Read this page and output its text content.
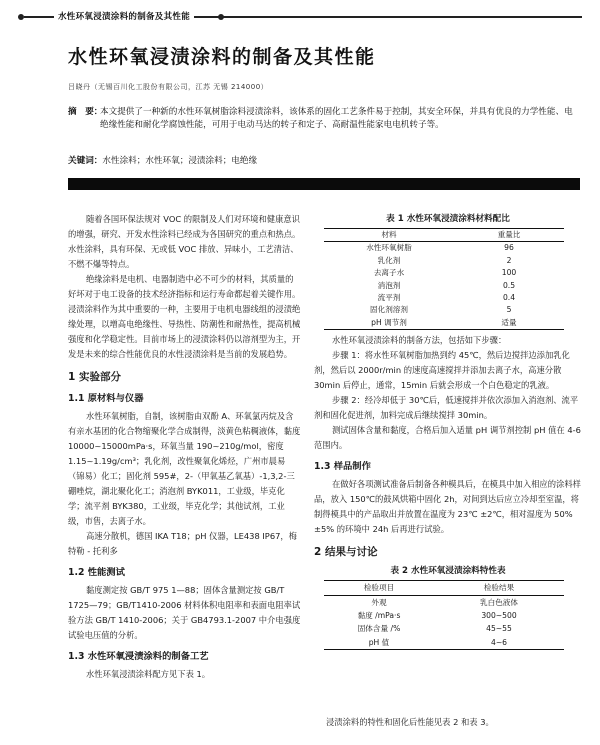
水性环氧浸渍涂料的制备及其性能
水性环氧浸渍涂料的制备及其性能
吕晓丹（无锡百川化工股份有限公司，江苏 无锡 214000）
摘　要：
本文提供了一种新的水性环氧树脂涂料浸渍涂料，该体系的固化工艺条件易于控制，其安全环保，并具有优良的力学性能、电绝缘性能和耐化学腐蚀性能，可用于电动马达的转子和定子、高耐温性能家电电机转子等。
关键词：水性涂料；水性环氧；浸渍涂料；电绝缘

随着各国环保法规对 VOC 的限制及人们对环境和健康意识的增强，研究、开发水性涂料已经成为各国研究的重点和热点。水性涂料，具有环保、无或低 VOC 排放、异味小，工艺清洁、不燃不爆等特点。

绝缘涂料是电机、电器制造中必不可少的材料，其质量的好坏对于电工设备的技术经济指标和运行寿命都起着关键作用。浸渍涂料作为其中重要的一种，主要用于电机电器线组的浸渍绝缘处理，以增高电绝缘性、导热性、防潮性和耐热性，提高机械强度和化学稳定性。目前市场上的浸渍涂料仍以溶剂型为主，开发是未来的综合性能优良的水性浸渍涂料是当前的发展趋势。

1 实验部分
1.1 原材料与仪器

水性环氧树脂，自制，该树脂由双酚 A、环氧氯丙烷及含有亲水基团的化合物缩聚化学合成制得，淡黄色粘稠液体，黏度 10000~15000mPa·s，环氧当量 190~210g/mol，密度 1.15~1.19g/cm³；乳化剂，改性聚氧化烯烃，广州市晨易（锦易）化工；固化剂 595#，2-（甲氧基乙氧基）-1,3,2-三硼唑烷，湖北聚化化工；消泡剂 BYK011，工业级，毕克化学；流平剂 BYK380，工业级，毕克化学；其他试剂，工业级，市售，去离子水。

高速分散机，德国 IKA T18；pH 仪器，LE438 IP67，梅特勒 - 托利多

1.2 性能测试

黏度测定按 GB/T 975 1—88；固体含量测定按 GB/T 1725—79；GB/T1410-2006 材料体积电阻率和表面电阻率试验方法 GB/T 1410-2006；关于 GB4793.1-2007 中介电强度试验电压值的分析。

1.3 水性环氧浸渍涂料的制备工艺

水性环氧浸渍涂料配方见下表 1。

表 1 水性环氧浸渍涂料材料配比
材料	重量比
水性环氧树脂	96
乳化剂	2
去离子水	100
消泡剂	0.5
流平剂	0.4
固化剂溶剂	5
pH 调节剂	适量

水性环氧浸渍涂料的制备方法，包括如下步骤：

步骤 1：将水性环氧树脂加热到约 45℃，然后边搅拌边添加乳化剂，然后以 2000r/min 的速度高速搅拌并添加去离子水，高速分散 30min 后停止，通常，15min 后就会形成一个白色稳定的乳液。

步骤 2：经冷却低于 30℃后，低速搅拌并依次添加入消泡剂、流平剂和固化促进剂，加料完成后继续搅拌 30min。

测试固体含量和黏度，合格后加入适量 pH 调节剂控制 pH 值在 4-6 范围内。

1.3 样品制作

在做好各项测试准备后制备各种模具后，在模具中加入相应的涂料样品，放入 150℃的鼓风烘箱中固化 2h，对间到达后应立冷却至室温，将制得模具中的产品取出并放置在温度为 23℃ ±2℃，相对湿度为 50%±5% 的环境中 24h 后再进行试验。

2 结果与讨论
表 2 水性环氧浸渍涂料特性表
检验项目	检验结果
外观	乳白色液体
黏度 /mPa·s	300~500
固体含量 /%	45~55
pH 值	4~6
浸渍涂料的特性和固化后性能见表 2 和表 3。
